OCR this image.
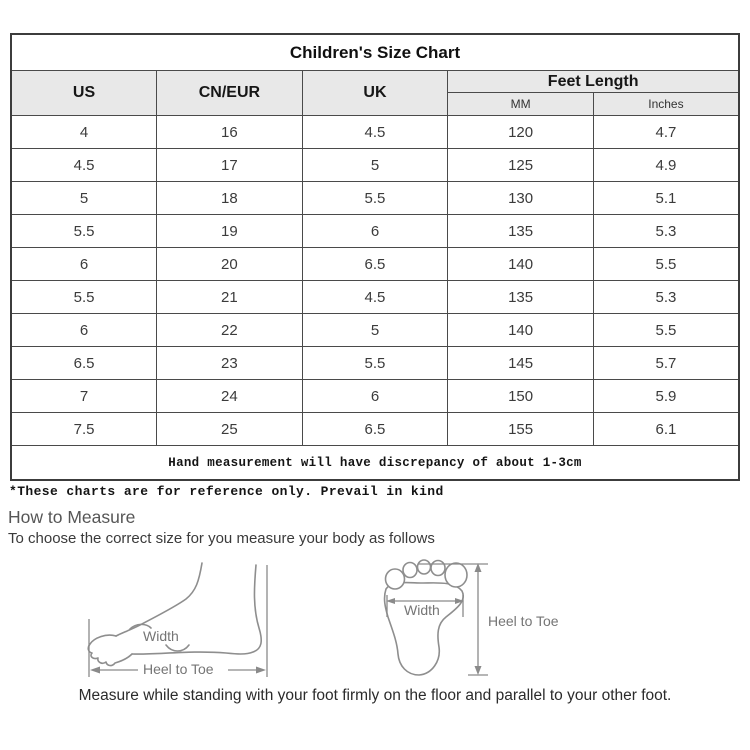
Children's Size Chart				
US	CN/EUR	UK	Feet Length	
			MM	Inches
4	16	4.5	120	4.7
4.5	17	5	125	4.9
5	18	5.5	130	5.1
5.5	19	6	135	5.3
6	20	6.5	140	5.5
5.5	21	4.5	135	5.3
6	22	5	140	5.5
6.5	23	5.5	145	5.7
7	24	6	150	5.9
7.5	25	6.5	155	6.1
Hand measurement will have discrepancy of about 1-3cm				
*These charts are for reference only. Prevail in kind
How to Measure
To choose the correct size for you measure your body as follows
Width
Heel to Toe
Width
Heel to Toe
Measure while standing with your foot firmly on the floor and parallel to your other foot.
